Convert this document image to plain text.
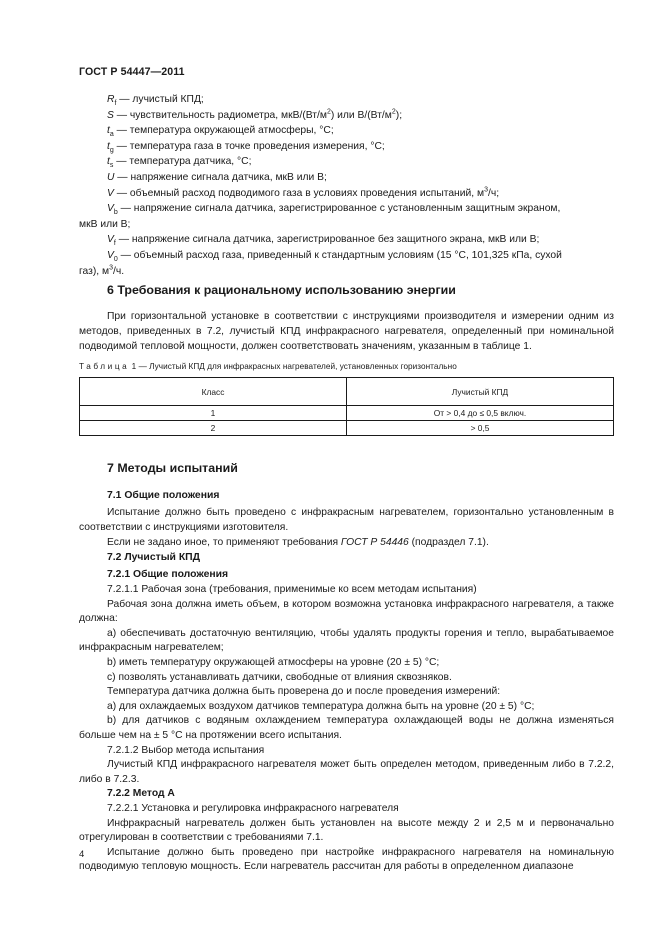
ГОСТ Р 54447—2011
$R_f$ — лучистый КПД;
S — чувствительность радиометра, мкВ/$(Вт/м^2)$ или $В/(Вт/м^2)$;
$t_a$ — температура окружающей атмосферы, °С;
$t_g$ — температура газа в точке проведения измерения, °С;
$t_s$ — температура датчика, °С;
U — напряжение сигнала датчика, мкВ или В;
V — объемный расход подводимого газа в условиях проведения испытаний, $м^3/ч$;
$V_b$ — напряжение сигнала датчика, зарегистрированное с установленным защитным экраном,
мкВ или В;
$V_f$ — напряжение сигнала датчика, зарегистрированное без защитного экрана, мкВ или В;
$V_0$ — объемный расход газа, приведенный к стандартным условиям (15 °С, 101,325 кПа, сухой
газ), $м^3/ч$.
6 Требования к рациональному использованию энергии

При горизонтальной установке в соответствии с инструкциями производителя и измерении одним из методов, приведенных в 7.2, лучистый КПД инфракрасного нагревателя, определенный при номинальной подводимой тепловой мощности, должен соответствовать значениям, указанным в таблице 1.

Таблица 1 — Лучистый КПД для инфракрасных нагревателей, установленных горизонтально
Класс	Лучистый КПД
1	От > 0,4 до ≤ 0,5 включ.
2	> 0,5
7 Методы испытаний
7.1 Общие положения

Испытание должно быть проведено с инфракрасным нагревателем, горизонтально установленным в соответствии с инструкциями изготовителя.

Если не задано иное, то применяют требования ГОСТ Р 54446 (подраздел 7.1).

7.2 Лучистый КПД
7.2.1 Общие положения
7.2.1.1 Рабочая зона (требования, применимые ко всем методам испытания)
Рабочая зона должна иметь объем, в котором возможна установка инфракрасного нагревателя, а также должна:
a) обеспечивать достаточную вентиляцию, чтобы удалять продукты горения и тепло, вырабатываемое инфракрасным нагревателем;
b) иметь температуру окружающей атмосферы на уровне (20 ± 5) °С;
c) позволять устанавливать датчики, свободные от влияния сквозняков.
Температура датчика должна быть проверена до и после проведения измерений:
a) для охлаждаемых воздухом датчиков температура должна быть на уровне (20 ± 5) °С;
b) для датчиков с водяным охлаждением температура охлаждающей воды не должна изменяться больше чем на ± 5 °С на протяжении всего испытания.
7.2.1.2 Выбор метода испытания
Лучистый КПД инфракрасного нагревателя может быть определен методом, приведенным либо в 7.2.2, либо в 7.2.3.
7.2.2 Метод А
7.2.2.1 Установка и регулировка инфракрасного нагревателя
Инфракрасный нагреватель должен быть установлен на высоте между 2 и 2,5 м и первоначально отрегулирован в соответствии с требованиями 7.1.
Испытание должно быть проведено при настройке инфракрасного нагревателя на номинальную подводимую тепловую мощность. Если нагреватель рассчитан для работы в определенном диапазоне
4
